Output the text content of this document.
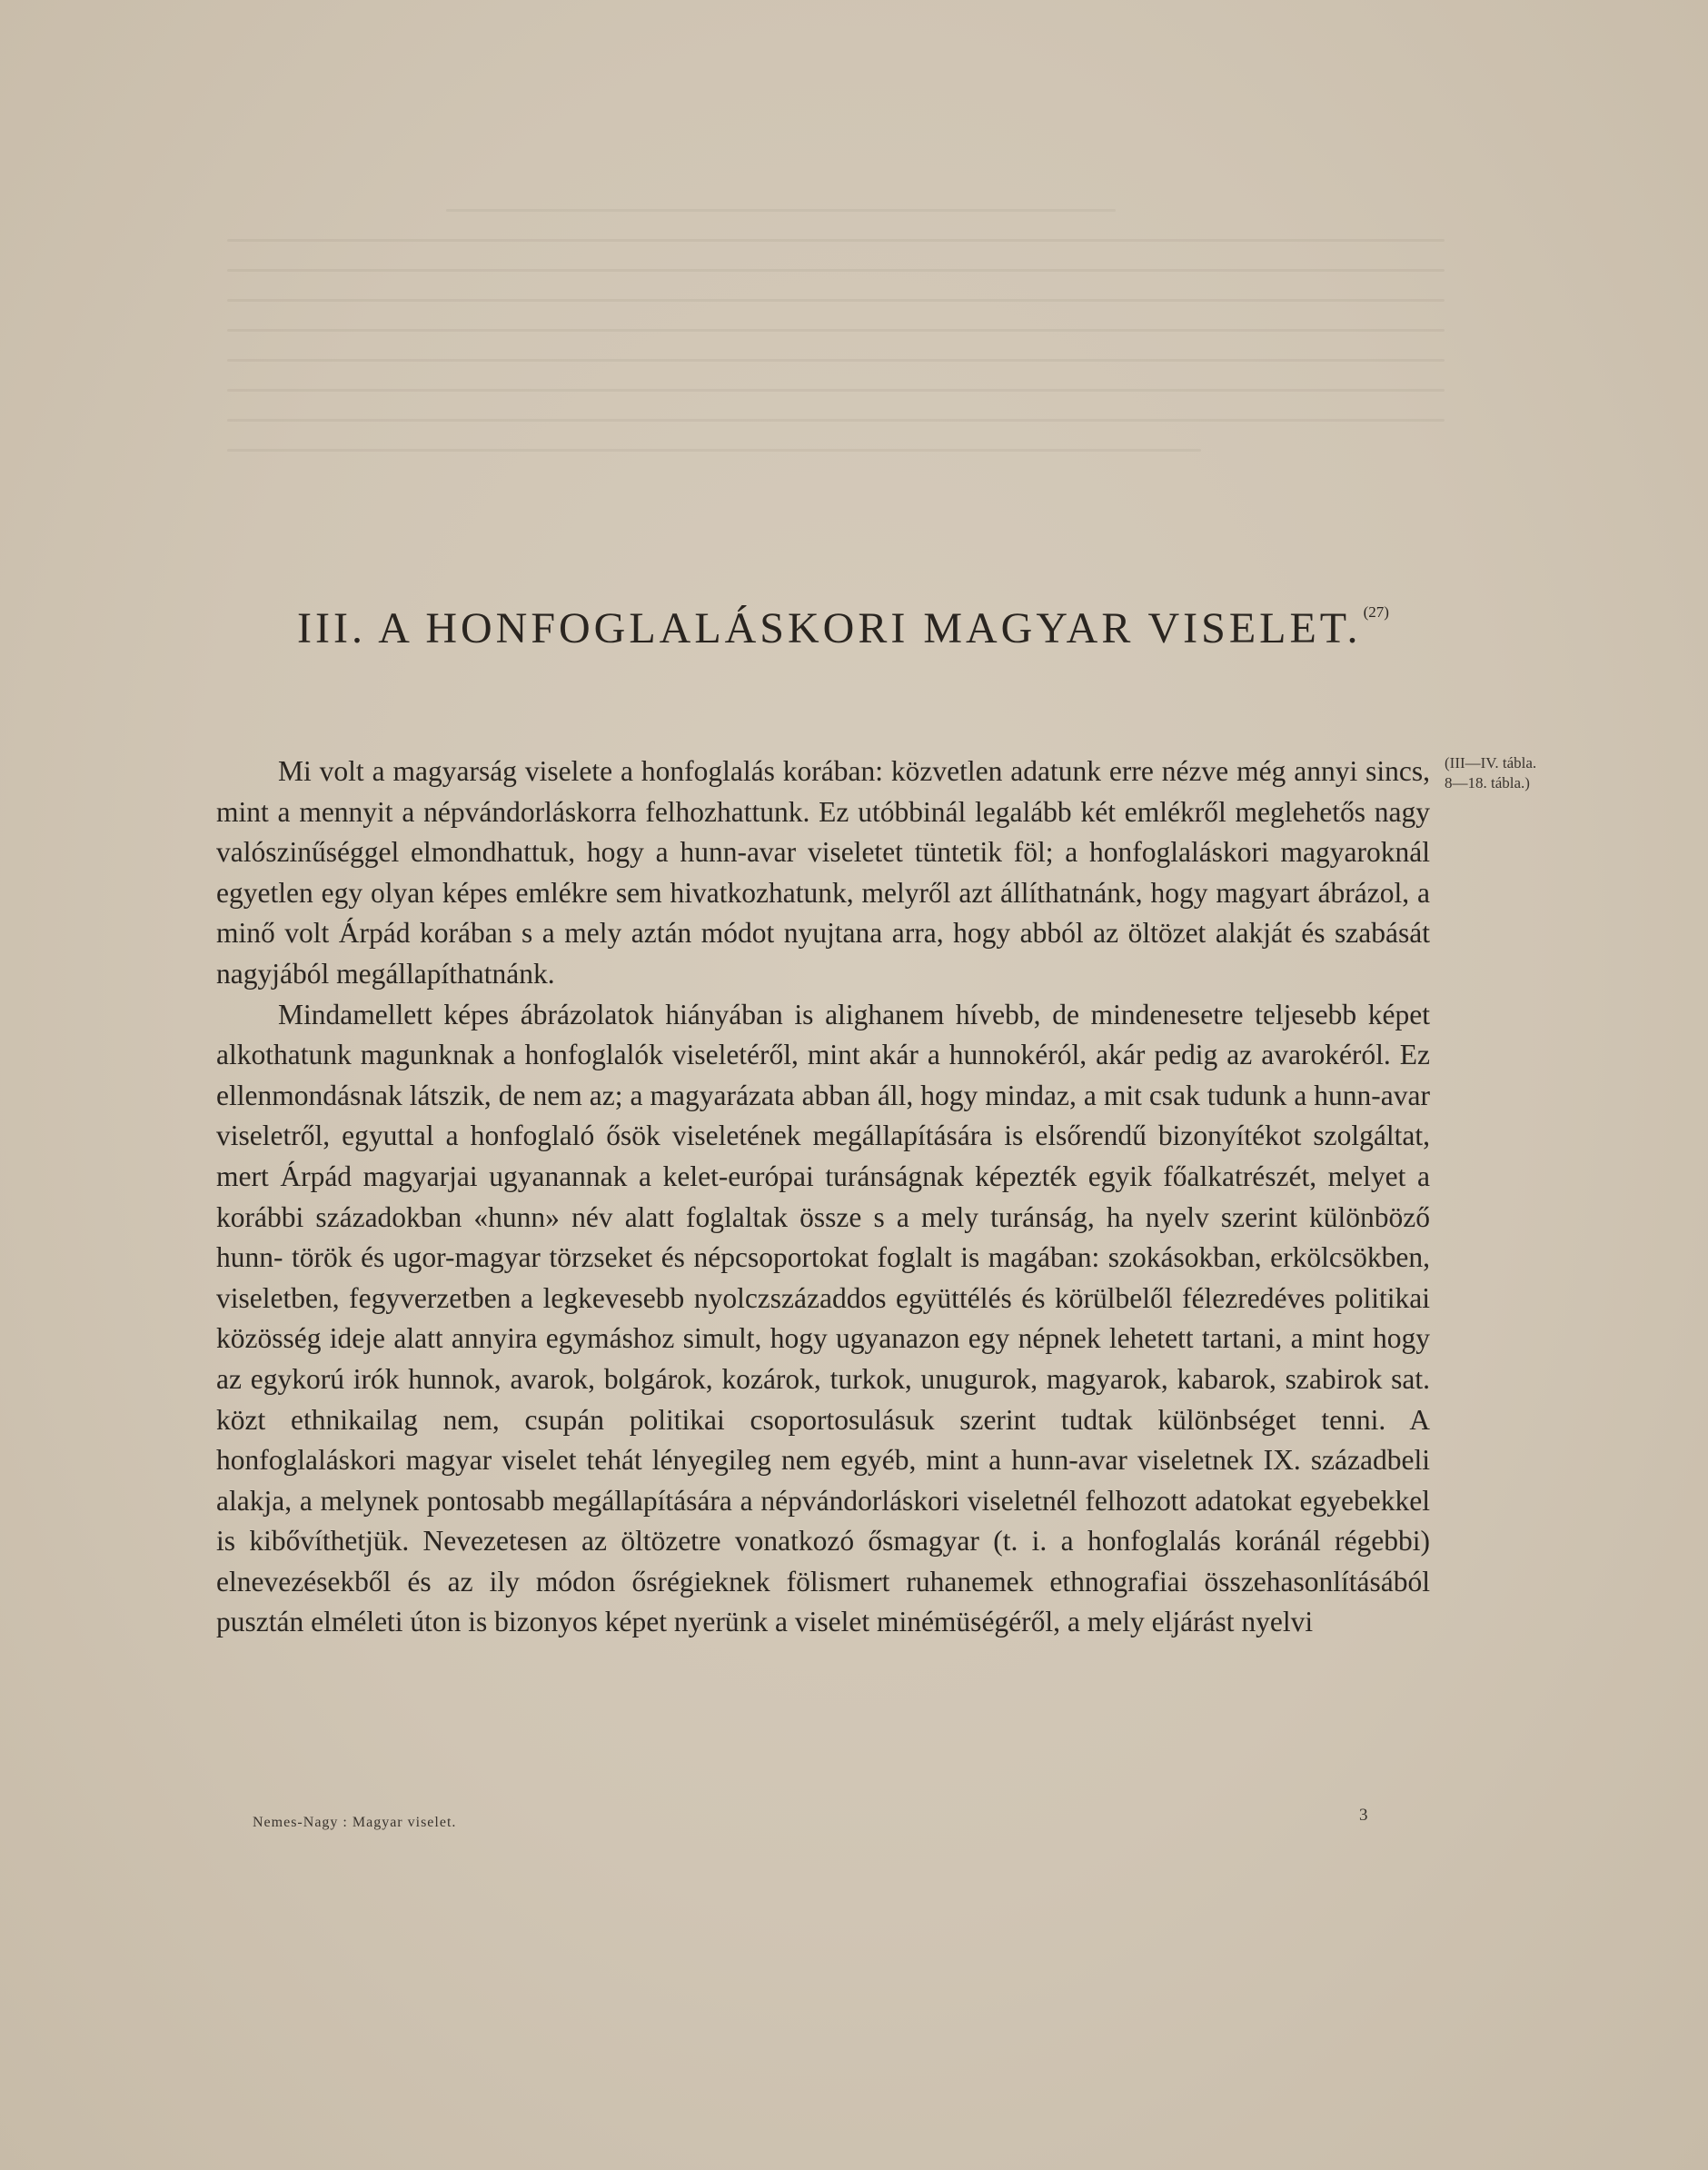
III. A HONFOGLALÁSKORI MAGYAR VISELET. $^{(27)}$
(III—IV. tábla.
8—18. tábla.)

Mi volt a magyarság viselete a honfoglalás korában: közvetlen adatunk erre nézve még annyi sincs, mint a mennyit a népvándorláskorra felhozhattunk. Ez utóbbinál legalább két emlékről meglehetős nagy valószinűséggel elmondhattuk, hogy a hunn-avar viseletet tüntetik föl; a honfoglaláskori magyaroknál egyetlen egy olyan képes emlékre sem hivatkozhatunk, melyről azt állíthatnánk, hogy magyart ábrázol, a minő volt Árpád korában s a mely aztán módot nyujtana arra, hogy abból az öltözet alakját és szabását nagyjából megállapíthatnánk.

Mindamellett képes ábrázolatok hiányában is alighanem hívebb, de mindenesetre teljesebb képet alkothatunk magunknak a honfoglalók viseletéről, mint akár a hunnokéról, akár pedig az avarokéról. Ez ellenmondásnak látszik, de nem az; a magyarázata abban áll, hogy mindaz, a mit csak tudunk a hunn-avar viseletről, egyuttal a honfoglaló ősök viseletének megállapítására is elsőrendű bizonyítékot szolgáltat, mert Árpád magyarjai ugyanannak a kelet-európai turánságnak képezték egyik főalkatrészét, melyet a korábbi századokban «hunn» név alatt foglaltak össze s a mely turánság, ha nyelv szerint különböző hunn- török és ugor-magyar törzseket és népcsoportokat foglalt is magában: szokásokban, erkölcsökben, viseletben, fegyverzetben a legkevesebb nyolczszázaddos együttélés és körülbelől félezredéves politikai közösség ideje alatt annyira egymáshoz simult, hogy ugyanazon egy népnek lehetett tartani, a mint hogy az egykorú irók hunnok, avarok, bolgárok, kozárok, turkok, unugurok, magyarok, kabarok, szabirok sat. közt ethnikailag nem, csupán politikai csoportosulásuk szerint tudtak különbséget tenni. A honfoglaláskori magyar viselet tehát lényegileg nem egyéb, mint a hunn-avar viseletnek IX. századbeli alakja, a melynek pontosabb megállapítására a népvándorláskori viseletnél felhozott adatokat egyebekkel is kibővíthetjük. Nevezetesen az öltözetre vonatkozó ősmagyar (t. i. a honfoglalás koránál régebbi) elnevezésekből és az ily módon ősrégieknek fölismert ruhanemek ethnografiai összehasonlításából pusztán elméleti úton is bizonyos képet nyerünk a viselet minémüségéről, a mely eljárást nyelvi

Nemes-Nagy : Magyar viselet.	3
